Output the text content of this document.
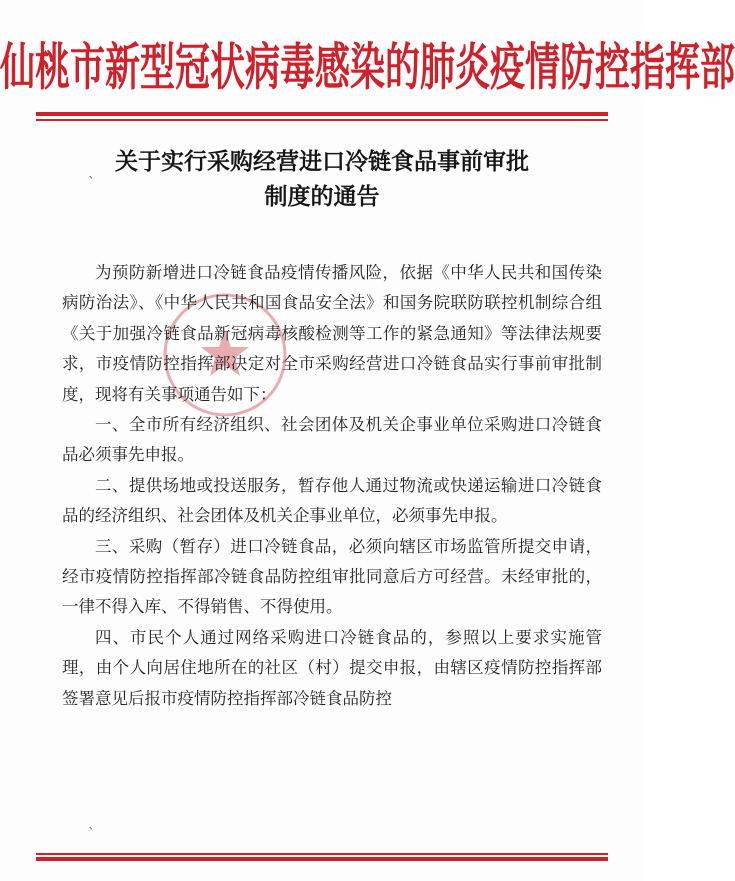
仙桃市新型冠状病毒感染的肺炎疫情防控指挥部
关于实行采购经营进口冷链食品事前审批
制度的通告

为预防新增进口冷链食品疫情传播风险，依据《中华人民共和国传染病防治法》、《中华人民共和国食品安全法》和国务院联防联控机制综合组《关于加强冷链食品新冠病毒核酸检测等工作的紧急通知》等法律法规要求，市疫情防控指挥部决定对全市采购经营进口冷链食品实行事前审批制度，现将有关事项通告如下：

一、全市所有经济组织、社会团体及机关企事业单位采购进口冷链食品必须事先申报。

二、提供场地或投送服务，暂存他人通过物流或快递运输进口冷链食品的经济组织、社会团体及机关企事业单位，必须事先申报。

三、采购（暂存）进口冷链食品，必须向辖区市场监管所提交申请，经市疫情防控指挥部冷链食品防控组审批同意后方可经营。未经审批的，一律不得入库、不得销售、不得使用。

四、市民个人通过网络采购进口冷链食品的，参照以上要求实施管理，由个人向居住地所在的社区（村）提交申报，由辖区疫情防控指挥部签署意见后报市疫情防控指挥部冷链食品防控

`
`
